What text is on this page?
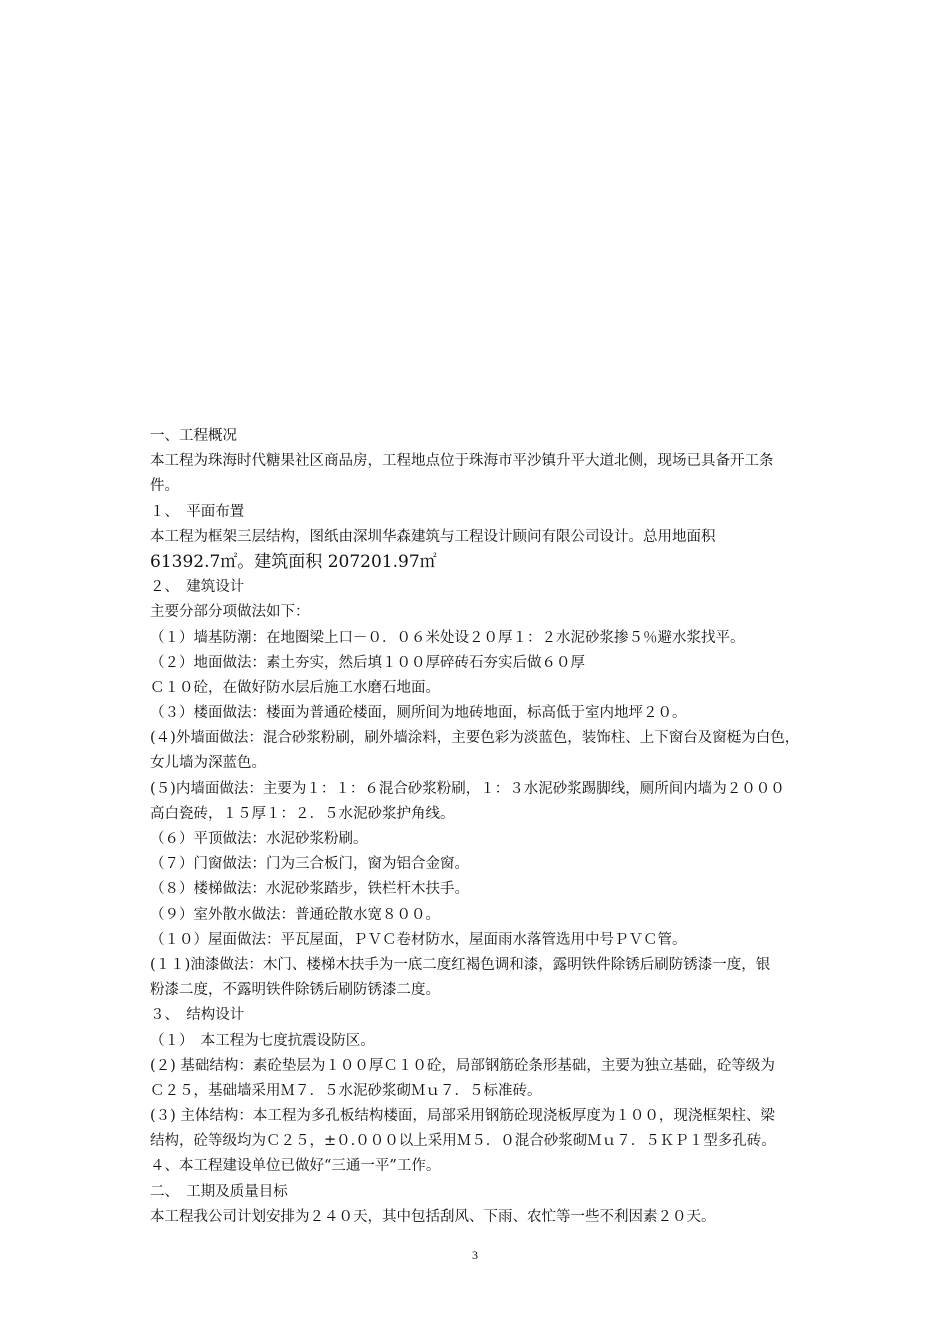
一、工程概况
本工程为珠海时代糖果社区商品房，工程地点位于珠海市平沙镇升平大道北侧，现场已具备开工条
件。
１、　平面布置
本工程为框架三层结构，图纸由深圳华森建筑与工程设计顾问有限公司设计。总用地面积
61392.7㎡。建筑面积 207201.97㎡
２、　建筑设计
主要分部分项做法如下：
（１）墙基防潮：在地圈梁上口－０．０６米处设２０厚１：２水泥砂浆掺５％避水浆找平。
（２）地面做法：素土夯实，然后填１００厚碎砖石夯实后做６０厚
Ｃ１０砼，在做好防水层后施工水磨石地面。
（３）楼面做法：楼面为普通砼楼面，厕所间为地砖地面，标高低于室内地坪２０。
(４)外墙面做法：混合砂浆粉刷，刷外墙涂料，主要色彩为淡蓝色，装饰柱、上下窗台及窗梃为白色，
女儿墙为深蓝色。
(５)内墙面做法：主要为１：１：６混合砂浆粉刷，１：３水泥砂浆踢脚线，厕所间内墙为２０００
高白瓷砖，１５厚１：２．５水泥砂浆护角线。
（６）平顶做法：水泥砂浆粉刷。
（７）门窗做法：门为三合板门，窗为铝合金窗。
（８）楼梯做法：水泥砂浆踏步，铁栏杆木扶手。
（９）室外散水做法：普通砼散水宽８００。
（１０）屋面做法：平瓦屋面，ＰＶＣ卷材防水，屋面雨水落管选用中号ＰＶＣ管。
(１１)油漆做法：木门、楼梯木扶手为一底二度红褐色调和漆，露明铁件除锈后刷防锈漆一度，银
粉漆二度，不露明铁件除锈后刷防锈漆二度。
３、　结构设计
（１）　本工程为七度抗震设防区。
(２) 基础结构：素砼垫层为１００厚Ｃ１０砼，局部钢筋砼条形基础，主要为独立基础，砼等级为
Ｃ２５，基础墙采用Ｍ７．５水泥砂浆砌Ｍｕ７．５标准砖。
(３) 主体结构：本工程为多孔板结构楼面，局部采用钢筋砼现浇板厚度为１００，现浇框架柱、梁
结构，砼等级均为Ｃ２５，±０.０００以上采用Ｍ５．０混合砂浆砌Ｍｕ７．５ＫＰ１型多孔砖。
４、本工程建设单位已做好“三通一平”工作。
二、　工期及质量目标
本工程我公司计划安排为２４０天，其中包括刮风、下雨、农忙等一些不利因素２０天。
3
